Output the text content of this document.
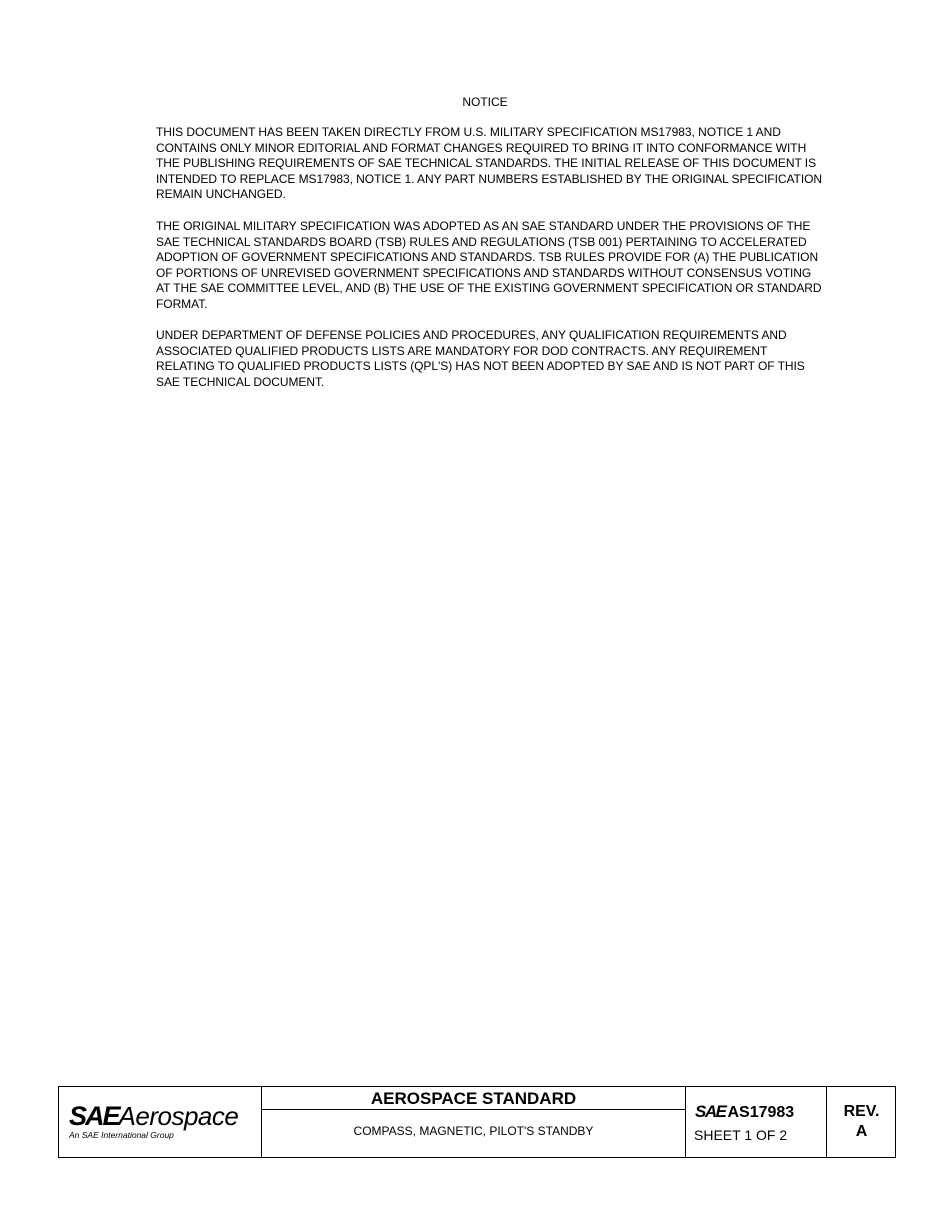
NOTICE

THIS DOCUMENT HAS BEEN TAKEN DIRECTLY FROM U.S. MILITARY SPECIFICATION MS17983, NOTICE 1 AND CONTAINS ONLY MINOR EDITORIAL AND FORMAT CHANGES REQUIRED TO BRING IT INTO CONFORMANCE WITH THE PUBLISHING REQUIREMENTS OF SAE TECHNICAL STANDARDS. THE INITIAL RELEASE OF THIS DOCUMENT IS INTENDED TO REPLACE MS17983, NOTICE 1. ANY PART NUMBERS ESTABLISHED BY THE ORIGINAL SPECIFICATION REMAIN UNCHANGED.

THE ORIGINAL MILITARY SPECIFICATION WAS ADOPTED AS AN SAE STANDARD UNDER THE PROVISIONS OF THE SAE TECHNICAL STANDARDS BOARD (TSB) RULES AND REGULATIONS (TSB 001) PERTAINING TO ACCELERATED ADOPTION OF GOVERNMENT SPECIFICATIONS AND STANDARDS. TSB RULES PROVIDE FOR (A) THE PUBLICATION OF PORTIONS OF UNREVISED GOVERNMENT SPECIFICATIONS AND STANDARDS WITHOUT CONSENSUS VOTING AT THE SAE COMMITTEE LEVEL, AND (B) THE USE OF THE EXISTING GOVERNMENT SPECIFICATION OR STANDARD FORMAT.

UNDER DEPARTMENT OF DEFENSE POLICIES AND PROCEDURES, ANY QUALIFICATION REQUIREMENTS AND ASSOCIATED QUALIFIED PRODUCTS LISTS ARE MANDATORY FOR DOD CONTRACTS. ANY REQUIREMENT RELATING TO QUALIFIED PRODUCTS LISTS (QPL'S) HAS NOT BEEN ADOPTED BY SAE AND IS NOT PART OF THIS SAE TECHNICAL DOCUMENT.

SAEAerospace
An SAE International Group
AEROSPACE STANDARD
COMPASS, MAGNETIC, PILOT'S STANDBY
SAE AS17983
SHEET 1 OF 2
REV.
A
